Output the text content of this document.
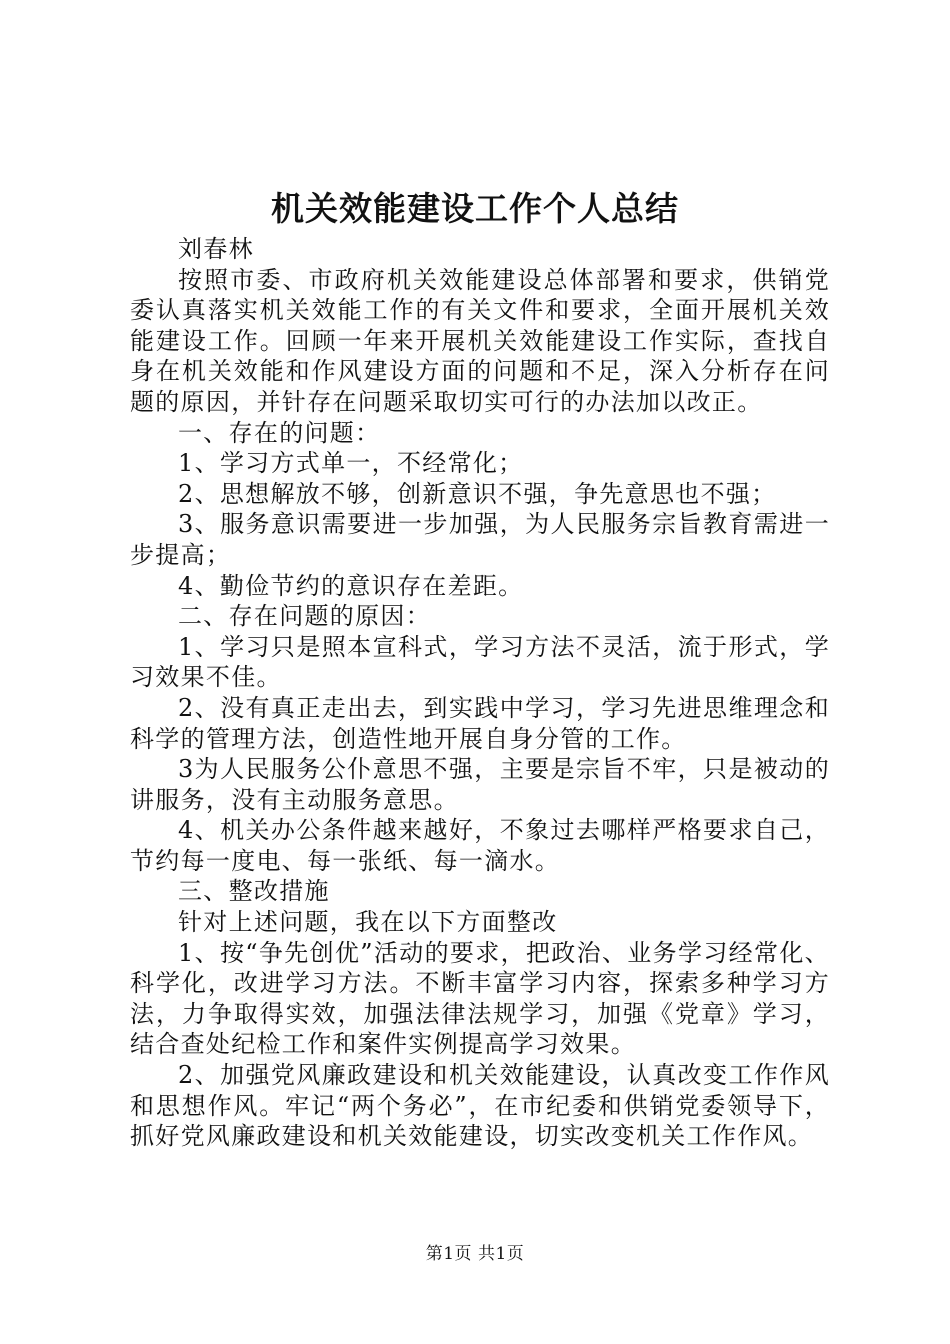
机关效能建设工作个人总结

刘春林

按照市委、市政府机关效能建设总体部署和要求，供销党委认真落实机关效能工作的有关文件和要求，全面开展机关效能建设工作。回顾一年来开展机关效能建设工作实际，查找自身在机关效能和作风建设方面的问题和不足，深入分析存在问题的原因，并针存在问题采取切实可行的办法加以改正。

一、存在的问题：

1、学习方式单一，不经常化；

2、思想解放不够，创新意识不强，争先意思也不强；

3、服务意识需要进一步加强，为人民服务宗旨教育需进一步提高；

4、勤俭节约的意识存在差距。

二、存在问题的原因：

1、学习只是照本宣科式，学习方法不灵活，流于形式，学习效果不佳。

2、没有真正走出去，到实践中学习，学习先进思维理念和科学的管理方法，创造性地开展自身分管的工作。

3为人民服务公仆意思不强，主要是宗旨不牢，只是被动的讲服务，没有主动服务意思。

4、机关办公条件越来越好，不象过去哪样严格要求自己，节约每一度电、每一张纸、每一滴水。

三、整改措施

针对上述问题，我在以下方面整改

1、按“争先创优”活动的要求，把政治、业务学习经常化、科学化，改进学习方法。不断丰富学习内容，探索多种学习方法，力争取得实效，加强法律法规学习，加强《党章》学习，结合查处纪检工作和案件实例提高学习效果。

2、加强党风廉政建设和机关效能建设，认真改变工作作风和思想作风。牢记“两个务必”，在市纪委和供销党委领导下，抓好党风廉政建设和机关效能建设，切实改变机关工作作风。

第1页 共1页
